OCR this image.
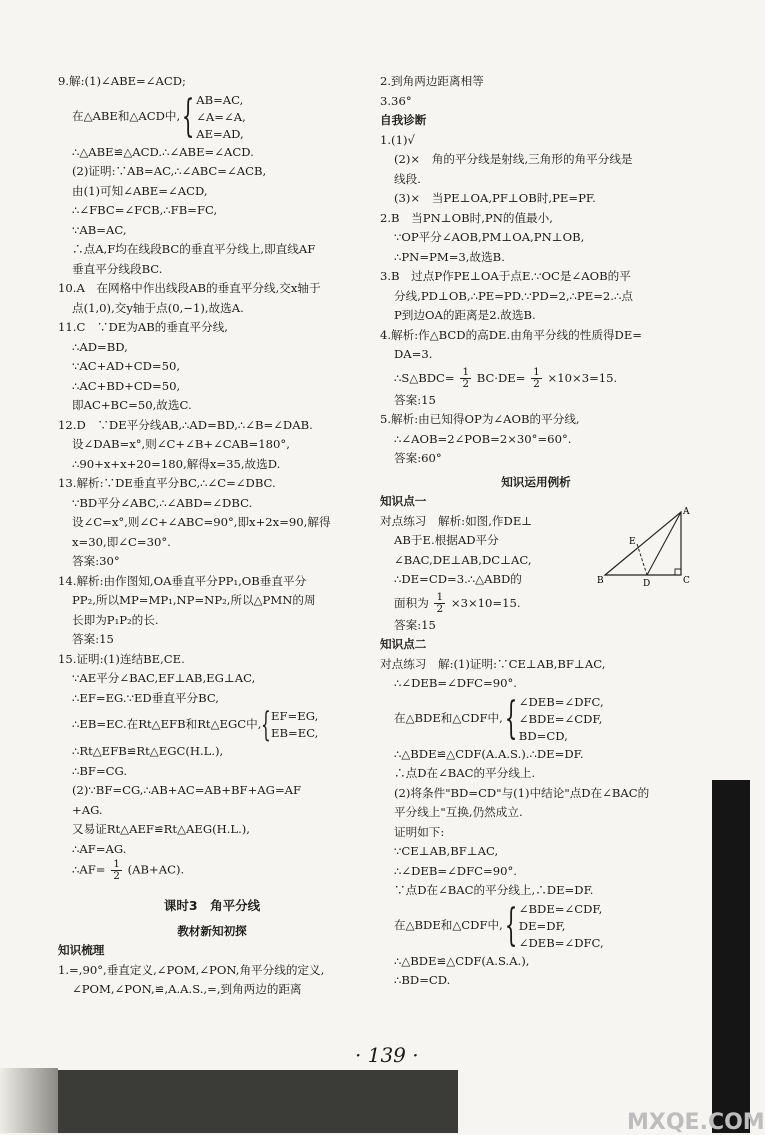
9.解:(1)∠ABE=∠ACD;
在△ABE和△ACD中, { AB=AC,
∠A=∠A,
AE=AD,
∴△ABE≌△ACD.∴∠ABE=∠ACD.
(2)证明:∵AB=AC,∴∠ABC=∠ACB,
由(1)可知∠ABE=∠ACD,
∴∠FBC=∠FCB,∴FB=FC,
∵AB=AC,
∴点A,F均在线段BC的垂直平分线上,即直线AF
垂直平分线段BC.
10.A　在网格中作出线段AB的垂直平分线,交x轴于
点(1,0),交y轴于点(0,−1),故选A.
11.C　∵DE为AB的垂直平分线,
∴AD=BD,
∵AC+AD+CD=50,
∴AC+BD+CD=50,
即AC+BC=50,故选C.
12.D　∵DE平分线AB,∴AD=BD,∴∠B=∠DAB.
设∠DAB=x°,则∠C+∠B+∠CAB=180°,
∴90+x+x+20=180,解得x=35,故选D.
13.解析:∵DE垂直平分BC,∴∠C=∠DBC.
∵BD平分∠ABC,∴∠ABD=∠DBC.
设∠C=x°,则∠C+∠ABC=90°,即x+2x=90,解得
x=30,即∠C=30°.
答案:30°
14.解析:由作图知,OA垂直平分PP₁,OB垂直平分
PP₂,所以MP=MP₁,NP=NP₂,所以△PMN的周
长即为P₁P₂的长.
答案:15
15.证明:(1)连结BE,CE.
∵AE平分∠BAC,EF⊥AB,EG⊥AC,
∴EF=EG.∵ED垂直平分BC,
∴EB=EC.在Rt△EFB和Rt△EGC中, { EF=EG,
EB=EC,
∴Rt△EFB≌Rt△EGC(H.L.),
∴BF=CG.
(2)∵BF=CG,∴AB+AC=AB+BF+AG=AF
+AG.
又易证Rt△AEF≌Rt△AEG(H.L.),
∴AF=AG.
∴AF= $\frac{1}{2} (AB+AC)$.
课时3　角平分线
教材新知初探
知识梳理
1.=,90°,垂直定义,∠POM,∠PON,角平分线的定义,
∠POM,∠PON,≌,A.A.S.,=,到角两边的距离
2.到角两边距离相等
3.36°
自我诊断
1.(1)√
(2)×　角的平分线是射线,三角形的角平分线是
线段.
(3)×　当PE⊥OA,PF⊥OB时,PE=PF.
2.B　当PN⊥OB时,PN的值最小,
∵OP平分∠AOB,PM⊥OA,PN⊥OB,
∴PN=PM=3,故选B.
3.B　过点P作PE⊥OA于点E.∵OC是∠AOB的平
分线,PD⊥OB,∴PE=PD.∵PD=2,∴PE=2.∴点
P到边OA的距离是2.故选B.
4.解析:作△BCD的高DE.由角平分线的性质得DE=
DA=3.
∴S△BDC= $\frac{1}{2} BC\cdot DE= \frac{1}{2} \times 10\times 3=15$.
答案:15
5.解析:由已知得OP为∠AOB的平分线,
∴∠AOB=2∠POB=2×30°=60°.
答案:60°
知识运用例析
知识点一
对点练习　解析:如图,作DE⊥
AB于E.根据AD平分
∠BAC,DE⊥AB,DC⊥AC,
∴DE=CD=3.∴△ABD的
面积为 $\frac{1}{2} \times 3\times 10=15$.
答案:15
知识点二
对点练习　解:(1)证明:∵CE⊥AB,BF⊥AC,
∴∠DEB=∠DFC=90°.
在△BDE和△CDF中, { ∠DEB=∠DFC,
∠BDE=∠CDF,
BD=CD,
∴△BDE≌△CDF(A.A.S.).∴DE=DF.
∴点D在∠BAC的平分线上.
(2)将条件"BD=CD"与(1)中结论"点D在∠BAC的
平分线上"互换,仍然成立.
证明如下:
∵CE⊥AB,BF⊥AC,
∴∠DEB=∠DFC=90°.
∵点D在∠BAC的平分线上,∴DE=DF.
在△BDE和△CDF中, { ∠BDE=∠CDF,
DE=DF,
∠DEB=∠DFC,
∴△BDE≌△CDF(A.S.A.),
∴BD=CD.
A
B	C
D
E
· 139 ·
MXQE.COM
